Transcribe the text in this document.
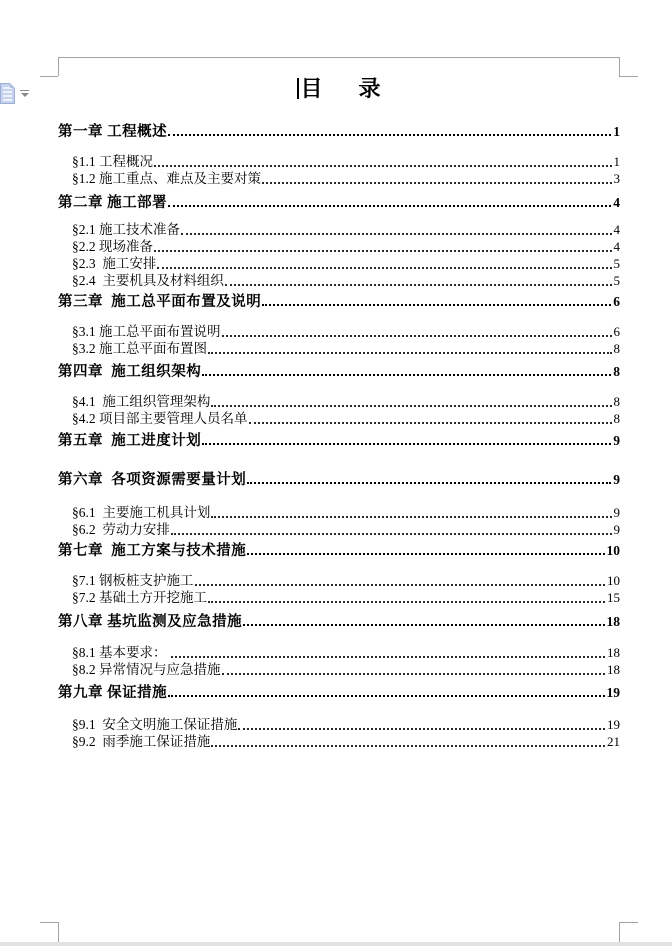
目 录
第一章 工程概述	1
§1.1 工程概况	1
§1.2 施工重点、难点及主要对策	3
第二章 施工部署	4
§2.1 施工技术准备	4
§2.2 现场准备	4
§2.3  施工安排	5
§2.4  主要机具及材料组织	5
第三章  施工总平面布置及说明	6
§3.1 施工总平面布置说明	6
§3.2 施工总平面布置图	8
第四章  施工组织架构	8
§4.1  施工组织管理架构	8
§4.2 项目部主要管理人员名单	8
第五章  施工进度计划	9
第六章  各项资源需要量计划	9
§6.1  主要施工机具计划	9
§6.2  劳动力安排	9
第七章  施工方案与技术措施	10
§7.1 钢板桩支护施工	10
§7.2 基础土方开挖施工	15
第八章 基坑监测及应急措施	18
§8.1 基本要求：	18
§8.2 异常情况与应急措施	18
第九章 保证措施	19
§9.1  安全文明施工保证措施	19
§9.2  雨季施工保证措施	21
